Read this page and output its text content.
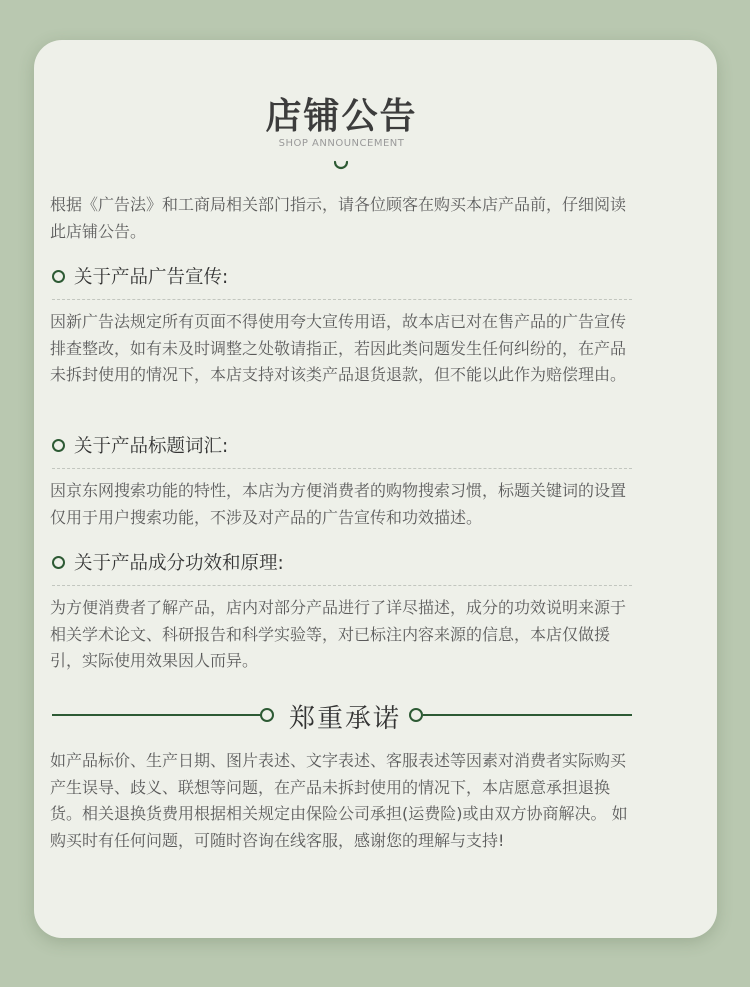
店铺公告
SHOP ANNOUNCEMENT
根据《广告法》和工商局相关部门指示，请各位顾客在购买本店产品前，仔细阅读此店铺公告。
关于产品广告宣传:
因新广告法规定所有页面不得使用夸大宣传用语，故本店已对在售产品的广告宣传排查整改，如有未及时调整之处敬请指正，若因此类问题发生任何纠纷的，在产品未拆封使用的情况下，本店支持对该类产品退货退款，但不能以此作为赔偿理由。
关于产品标题词汇:
因京东网搜索功能的特性，本店为方便消费者的购物搜索习惯，标题关键词的设置仅用于用户搜索功能，不涉及对产品的广告宣传和功效描述。
关于产品成分功效和原理:
为方便消费者了解产品，店内对部分产品进行了详尽描述，成分的功效说明来源于相关学术论文、科研报告和科学实验等，对已标注内容来源的信息，本店仅做援引，实际使用效果因人而异。
郑重承诺
如产品标价、生产日期、图片表述、文字表述、客服表述等因素对消费者实际购买产生误导、歧义、联想等问题，在产品未拆封使用的情况下，本店愿意承担退换货。相关退换货费用根据相关规定由保险公司承担(运费险)或由双方协商解决。 如购买时有任何问题，可随时咨询在线客服，感谢您的理解与支持!
